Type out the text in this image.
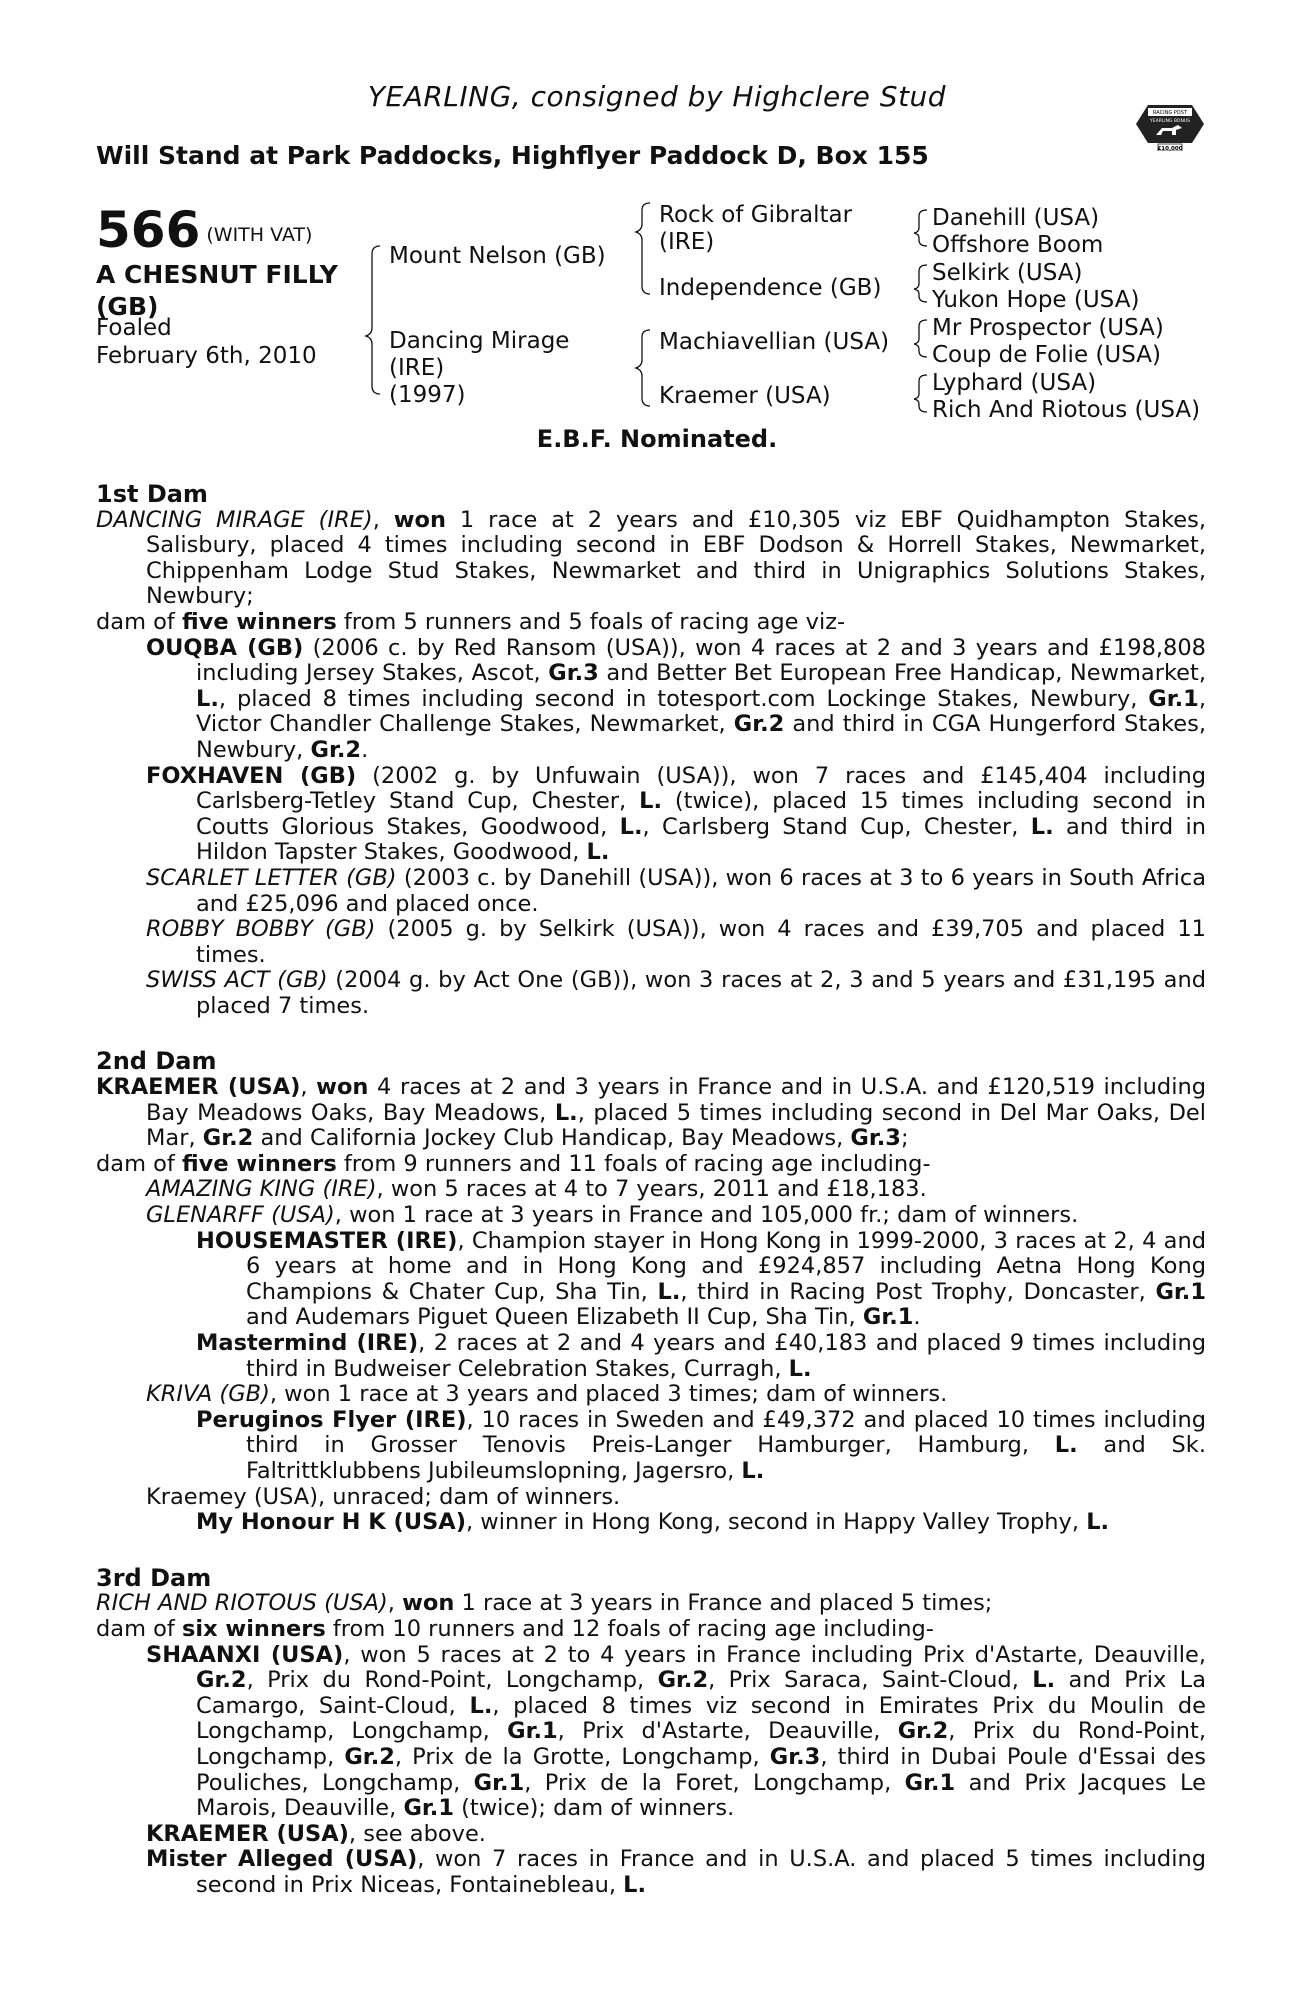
YEARLING, consigned by Highclere Stud
Will Stand at Park Paddocks, Highflyer Paddock D, Box 155
RACING POST
YEARLING BONUS
£10,000
566 (WITH VAT)
A CHESNUT FILLY
(GB)
Foaled
February 6th, 2010
Mount Nelson (GB)
Dancing Mirage
(IRE)
(1997)
Rock of Gibraltar
(IRE)
Independence (GB)
Machiavellian (USA)
Kraemer (USA)
Danehill (USA)
Offshore Boom
Selkirk (USA)
Yukon Hope (USA)
Mr Prospector (USA)
Coup de Folie (USA)
Lyphard (USA)
Rich And Riotous (USA)
E.B.F. Nominated.
1st Dam
DANCING MIRAGE (IRE), won 1 race at 2 years and £10,305 viz EBF Quidhampton Stakes, Salisbury, placed 4 times including second in EBF Dodson & Horrell Stakes, Newmarket, Chippenham Lodge Stud Stakes, Newmarket and third in Unigraphics Solutions Stakes, Newbury;
dam of five winners from 5 runners and 5 foals of racing age viz-
OUQBA (GB) (2006 c. by Red Ransom (USA)), won 4 races at 2 and 3 years and £198,808 including Jersey Stakes, Ascot, Gr.3 and Better Bet European Free Handicap, Newmarket, L., placed 8 times including second in totesport.com Lockinge Stakes, Newbury, Gr.1, Victor Chandler Challenge Stakes, Newmarket, Gr.2 and third in CGA Hungerford Stakes, Newbury, Gr.2.
FOXHAVEN (GB) (2002 g. by Unfuwain (USA)), won 7 races and £145,404 including Carlsberg-Tetley Stand Cup, Chester, L. (twice), placed 15 times including second in Coutts Glorious Stakes, Goodwood, L., Carlsberg Stand Cup, Chester, L. and third in Hildon Tapster Stakes, Goodwood, L.
SCARLET LETTER (GB) (2003 c. by Danehill (USA)), won 6 races at 3 to 6 years in South Africa and £25,096 and placed once.
ROBBY BOBBY (GB) (2005 g. by Selkirk (USA)), won 4 races and £39,705 and placed 11 times.
SWISS ACT (GB) (2004 g. by Act One (GB)), won 3 races at 2, 3 and 5 years and £31,195 and placed 7 times.
2nd Dam
KRAEMER (USA), won 4 races at 2 and 3 years in France and in U.S.A. and £120,519 including Bay Meadows Oaks, Bay Meadows, L., placed 5 times including second in Del Mar Oaks, Del Mar, Gr.2 and California Jockey Club Handicap, Bay Meadows, Gr.3;
dam of five winners from 9 runners and 11 foals of racing age including-
AMAZING KING (IRE), won 5 races at 4 to 7 years, 2011 and £18,183.
GLENARFF (USA), won 1 race at 3 years in France and 105,000 fr.; dam of winners.
HOUSEMASTER (IRE), Champion stayer in Hong Kong in 1999-2000, 3 races at 2, 4 and 6 years at home and in Hong Kong and £924,857 including Aetna Hong Kong Champions & Chater Cup, Sha Tin, L., third in Racing Post Trophy, Doncaster, Gr.1 and Audemars Piguet Queen Elizabeth II Cup, Sha Tin, Gr.1.
Mastermind (IRE), 2 races at 2 and 4 years and £40,183 and placed 9 times including third in Budweiser Celebration Stakes, Curragh, L.
KRIVA (GB), won 1 race at 3 years and placed 3 times; dam of winners.
Peruginos Flyer (IRE), 10 races in Sweden and £49,372 and placed 10 times including third in Grosser Tenovis Preis-Langer Hamburger, Hamburg, L. and Sk. Faltrittklubbens Jubileumslopning, Jagersro, L.
Kraemey (USA), unraced; dam of winners.
My Honour H K (USA), winner in Hong Kong, second in Happy Valley Trophy, L.
3rd Dam
RICH AND RIOTOUS (USA), won 1 race at 3 years in France and placed 5 times;
dam of six winners from 10 runners and 12 foals of racing age including-
SHAANXI (USA), won 5 races at 2 to 4 years in France including Prix d'Astarte, Deauville, Gr.2, Prix du Rond-Point, Longchamp, Gr.2, Prix Saraca, Saint-Cloud, L. and Prix La Camargo, Saint-Cloud, L., placed 8 times viz second in Emirates Prix du Moulin de Longchamp, Longchamp, Gr.1, Prix d'Astarte, Deauville, Gr.2, Prix du Rond-Point, Longchamp, Gr.2, Prix de la Grotte, Longchamp, Gr.3, third in Dubai Poule d'Essai des Pouliches, Longchamp, Gr.1, Prix de la Foret, Longchamp, Gr.1 and Prix Jacques Le Marois, Deauville, Gr.1 (twice); dam of winners.
KRAEMER (USA), see above.
Mister Alleged (USA), won 7 races in France and in U.S.A. and placed 5 times including second in Prix Niceas, Fontainebleau, L.
